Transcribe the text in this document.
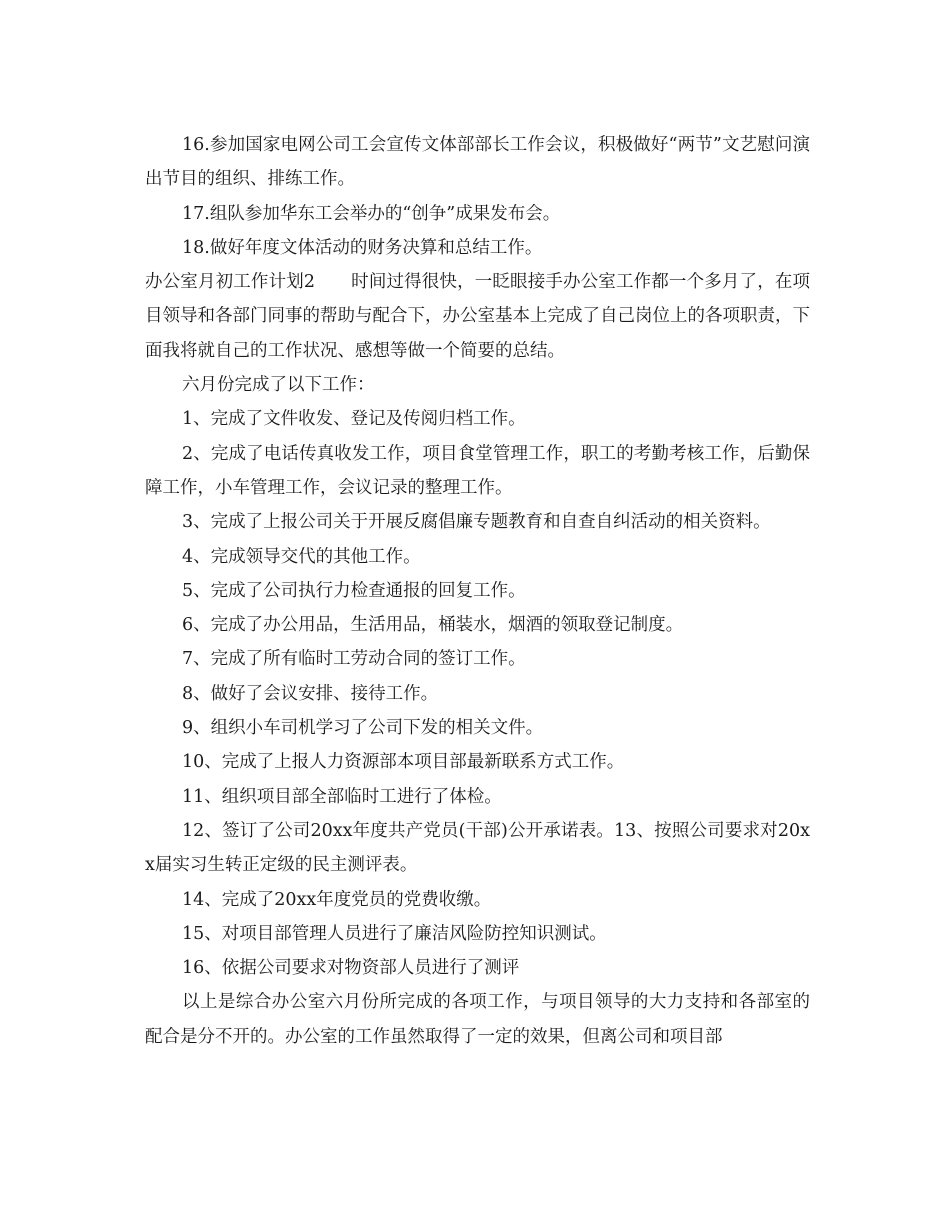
16.参加国家电网公司工会宣传文体部部长工作会议，积极做好“两节”文艺慰问演出节目的组织、排练工作。

17.组队参加华东工会举办的“创争”成果发布会。

18.做好年度文体活动的财务决算和总结工作。

办公室月初工作计划2 时间过得很快，一眨眼接手办公室工作都一个多月了，在项目领导和各部门同事的帮助与配合下，办公室基本上完成了自己岗位上的各项职责，下面我将就自己的工作状况、感想等做一个简要的总结。

六月份完成了以下工作：

1、完成了文件收发、登记及传阅归档工作。

2、完成了电话传真收发工作，项目食堂管理工作，职工的考勤考核工作，后勤保障工作，小车管理工作，会议记录的整理工作。

3、完成了上报公司关于开展反腐倡廉专题教育和自查自纠活动的相关资料。

4、完成领导交代的其他工作。

5、完成了公司执行力检查通报的回复工作。

6、完成了办公用品，生活用品，桶装水，烟酒的领取登记制度。

7、完成了所有临时工劳动合同的签订工作。

8、做好了会议安排、接待工作。

9、组织小车司机学习了公司下发的相关文件。

10、完成了上报人力资源部本项目部最新联系方式工作。

11、组织项目部全部临时工进行了体检。

12、签订了公司20xx年度共产党员(干部)公开承诺表。13、按照公司要求对20xx届实习生转正定级的民主测评表。

14、完成了20xx年度党员的党费收缴。

15、对项目部管理人员进行了廉洁风险防控知识测试。

16、依据公司要求对物资部人员进行了测评

以上是综合办公室六月份所完成的各项工作，与项目领导的大力支持和各部室的配合是分不开的。办公室的工作虽然取得了一定的效果，但离公司和项目部
